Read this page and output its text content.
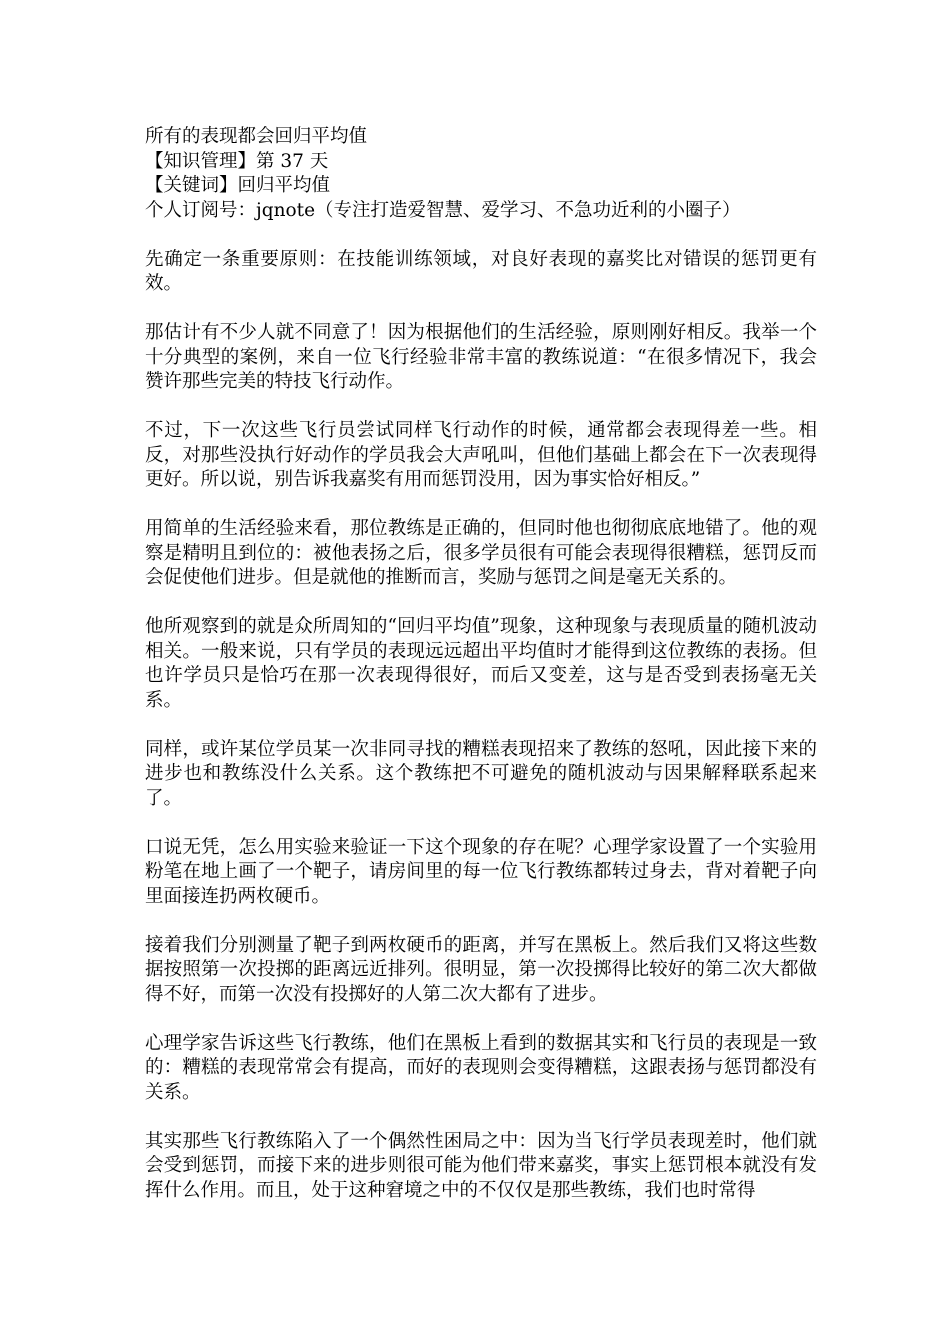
所有的表现都会回归平均值

【知识管理】第 37 天

【关键词】回归平均值

个人订阅号：jqnote（专注打造爱智慧、爱学习、不急功近利的小圈子）

先确定一条重要原则：在技能训练领域，对良好表现的嘉奖比对错误的惩罚更有效。

那估计有不少人就不同意了！因为根据他们的生活经验，原则刚好相反。我举一个十分典型的案例，来自一位飞行经验非常丰富的教练说道：“在很多情况下，我会赞许那些完美的特技飞行动作。

不过，下一次这些飞行员尝试同样飞行动作的时候，通常都会表现得差一些。相反，对那些没执行好动作的学员我会大声吼叫，但他们基础上都会在下一次表现得更好。所以说，别告诉我嘉奖有用而惩罚没用，因为事实恰好相反。”

用简单的生活经验来看，那位教练是正确的，但同时他也彻彻底底地错了。他的观察是精明且到位的：被他表扬之后，很多学员很有可能会表现得很糟糕，惩罚反而会促使他们进步。但是就他的推断而言，奖励与惩罚之间是毫无关系的。

他所观察到的就是众所周知的“回归平均值”现象，这种现象与表现质量的随机波动相关。一般来说，只有学员的表现远远超出平均值时才能得到这位教练的表扬。但也许学员只是恰巧在那一次表现得很好，而后又变差，这与是否受到表扬毫无关系。

同样，或许某位学员某一次非同寻找的糟糕表现招来了教练的怒吼，因此接下来的进步也和教练没什么关系。这个教练把不可避免的随机波动与因果解释联系起来了。

口说无凭，怎么用实验来验证一下这个现象的存在呢？心理学家设置了一个实验用粉笔在地上画了一个靶子，请房间里的每一位飞行教练都转过身去，背对着靶子向里面接连扔两枚硬币。

接着我们分别测量了靶子到两枚硬币的距离，并写在黑板上。然后我们又将这些数据按照第一次投掷的距离远近排列。很明显，第一次投掷得比较好的第二次大都做得不好，而第一次没有投掷好的人第二次大都有了进步。

心理学家告诉这些飞行教练，他们在黑板上看到的数据其实和飞行员的表现是一致的：糟糕的表现常常会有提高，而好的表现则会变得糟糕，这跟表扬与惩罚都没有关系。

其实那些飞行教练陷入了一个偶然性困局之中：因为当飞行学员表现差时，他们就会受到惩罚，而接下来的进步则很可能为他们带来嘉奖，事实上惩罚根本就没有发挥什么作用。而且，处于这种窘境之中的不仅仅是那些教练，我们也时常得
